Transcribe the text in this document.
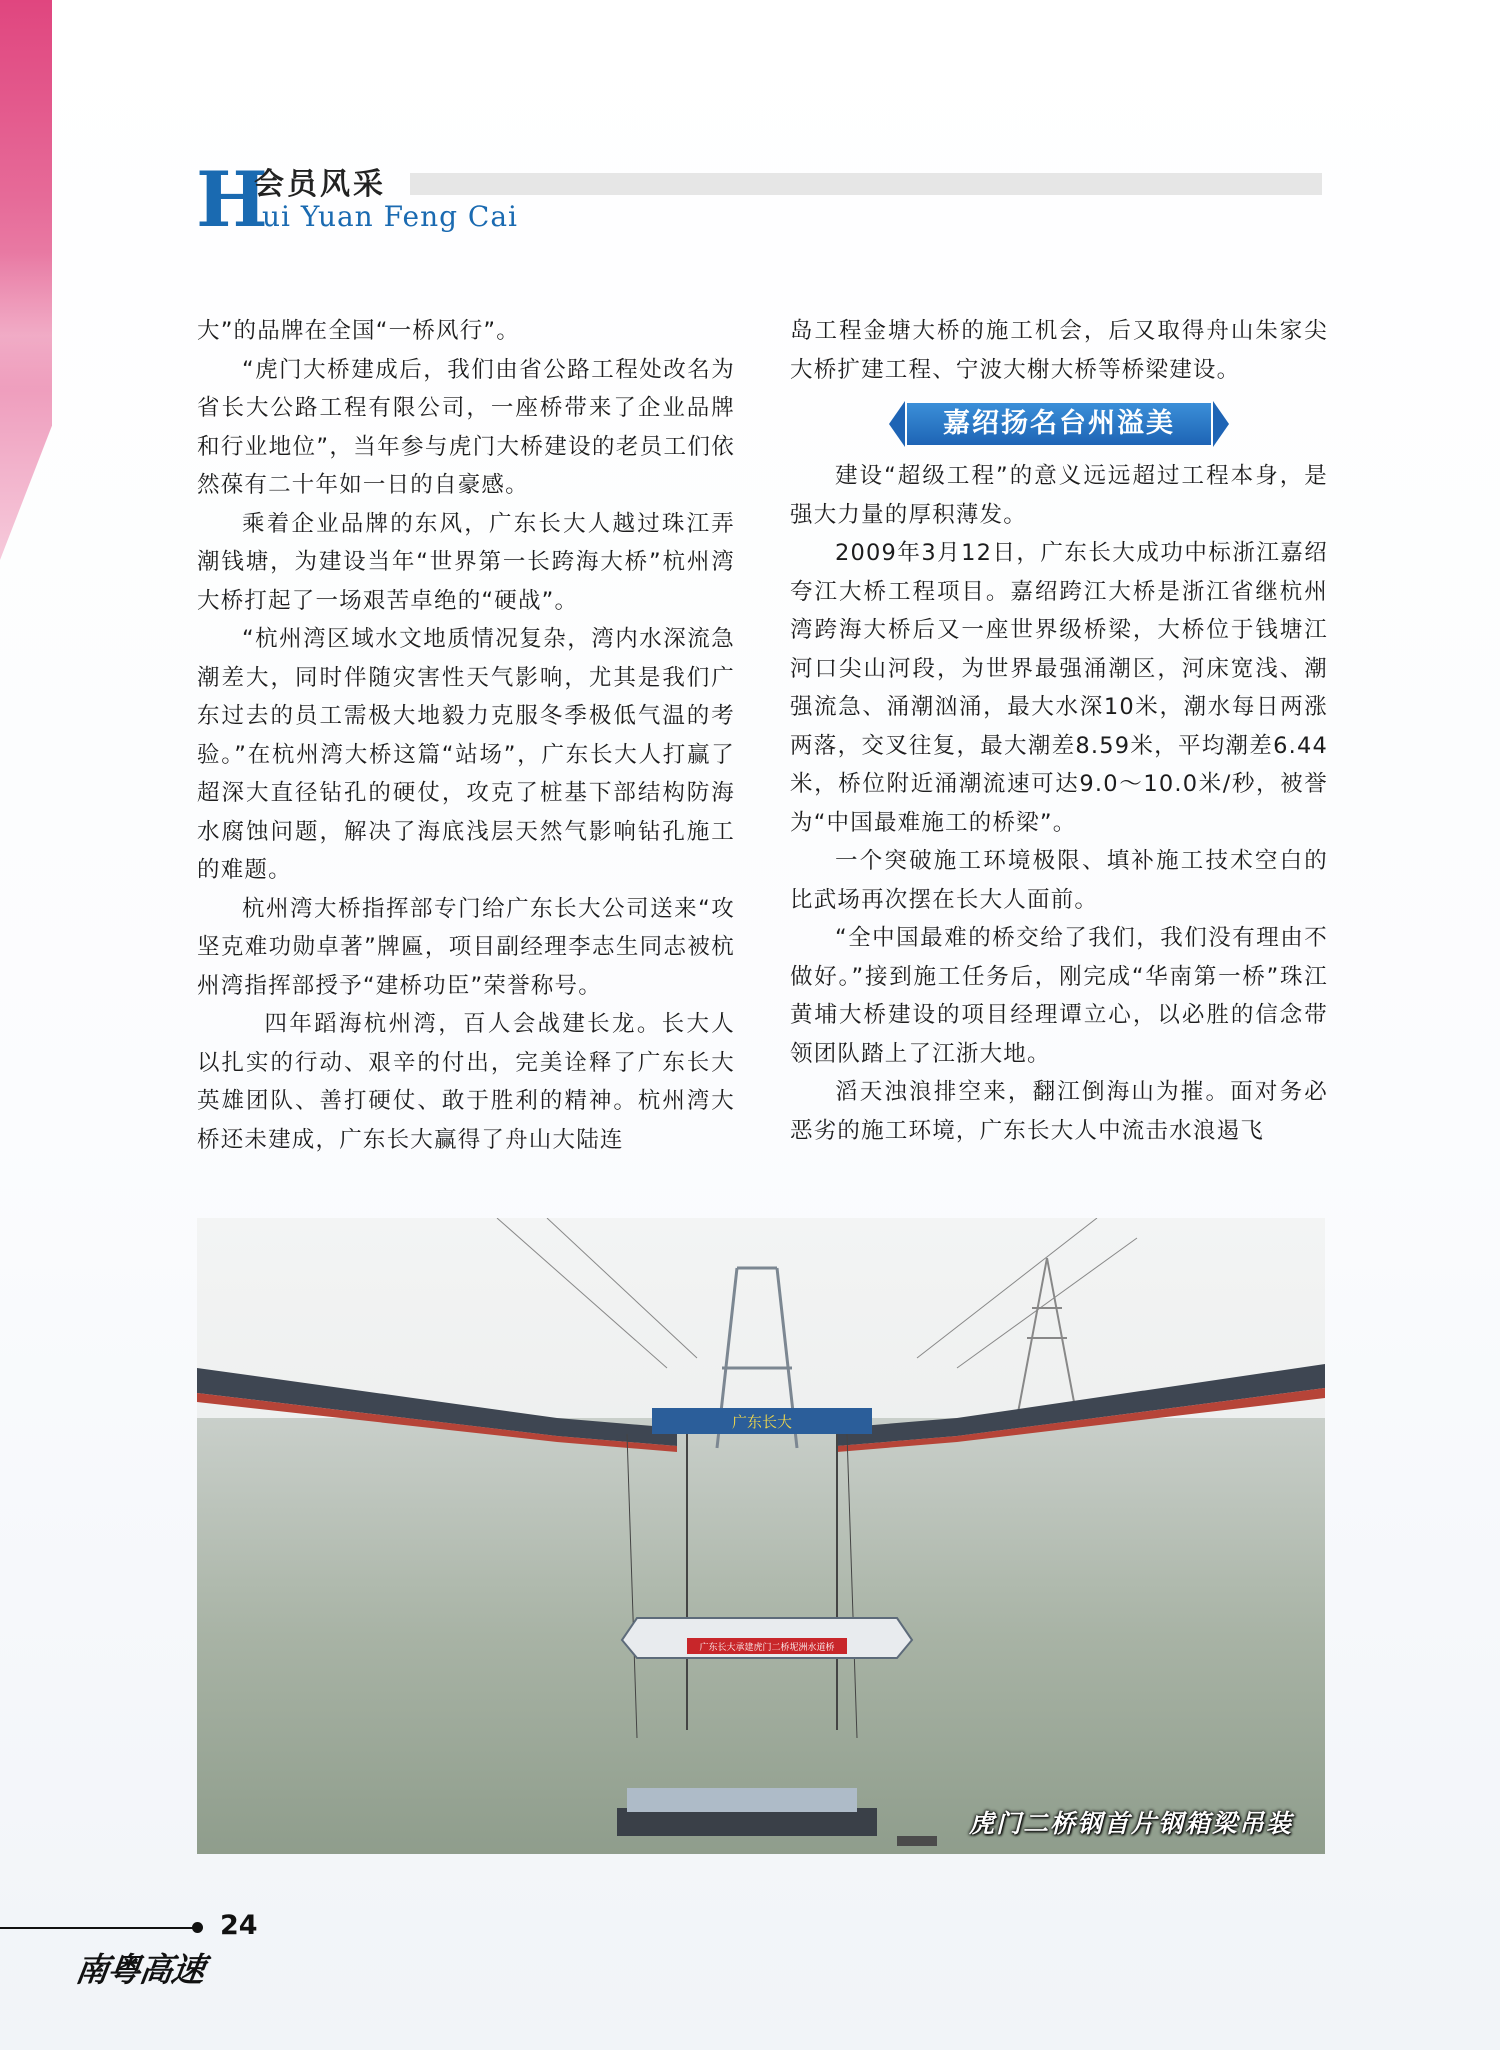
H
会员风采
ui Yuan Feng Cai

大”的品牌在全国“一桥风行”。

“虎门大桥建成后，我们由省公路工程处改名为省长大公路工程有限公司，一座桥带来了企业品牌和行业地位”，当年参与虎门大桥建设的老员工们依然葆有二十年如一日的自豪感。

乘着企业品牌的东风，广东长大人越过珠江弄潮钱塘，为建设当年“世界第一长跨海大桥”杭州湾大桥打起了一场艰苦卓绝的“硬战”。

“杭州湾区域水文地质情况复杂，湾内水深流急潮差大，同时伴随灾害性天气影响，尤其是我们广东过去的员工需极大地毅力克服冬季极低气温的考验。”在杭州湾大桥这篇“站场”，广东长大人打赢了超深大直径钻孔的硬仗，攻克了桩基下部结构防海水腐蚀问题，解决了海底浅层天然气影响钻孔施工的难题。

杭州湾大桥指挥部专门给广东长大公司送来“攻坚克难功勋卓著”牌匾，项目副经理李志生同志被杭州湾指挥部授予“建桥功臣”荣誉称号。

四年蹈海杭州湾，百人会战建长龙。长大人以扎实的行动、艰辛的付出，完美诠释了广东长大英雄团队、善打硬仗、敢于胜利的精神。杭州湾大桥还未建成，广东长大赢得了舟山大陆连

岛工程金塘大桥的施工机会，后又取得舟山朱家尖大桥扩建工程、宁波大榭大桥等桥梁建设。

嘉绍扬名台州溢美

建设“超级工程”的意义远远超过工程本身，是强大力量的厚积薄发。

2009年3月12日，广东长大成功中标浙江嘉绍夸江大桥工程项目。嘉绍跨江大桥是浙江省继杭州湾跨海大桥后又一座世界级桥梁，大桥位于钱塘江河口尖山河段，为世界最强涌潮区，河床宽浅、潮强流急、涌潮汹涌，最大水深10米，潮水每日两涨两落，交叉往复，最大潮差8.59米，平均潮差6.44米，桥位附近涌潮流速可达9.0～10.0米/秒，被誉为“中国最难施工的桥梁”。

一个突破施工环境极限、填补施工技术空白的比武场再次摆在长大人面前。

“全中国最难的桥交给了我们，我们没有理由不做好。”接到施工任务后，刚完成“华南第一桥”珠江黄埔大桥建设的项目经理谭立心，以必胜的信念带领团队踏上了江浙大地。

滔天浊浪排空来，翻江倒海山为摧。面对务必恶劣的施工环境，广东长大人中流击水浪遏飞

广东长大
广东长大承建虎门二桥坭洲水道桥
虎门二桥钢首片钢箱梁吊装
24
南粤高速
